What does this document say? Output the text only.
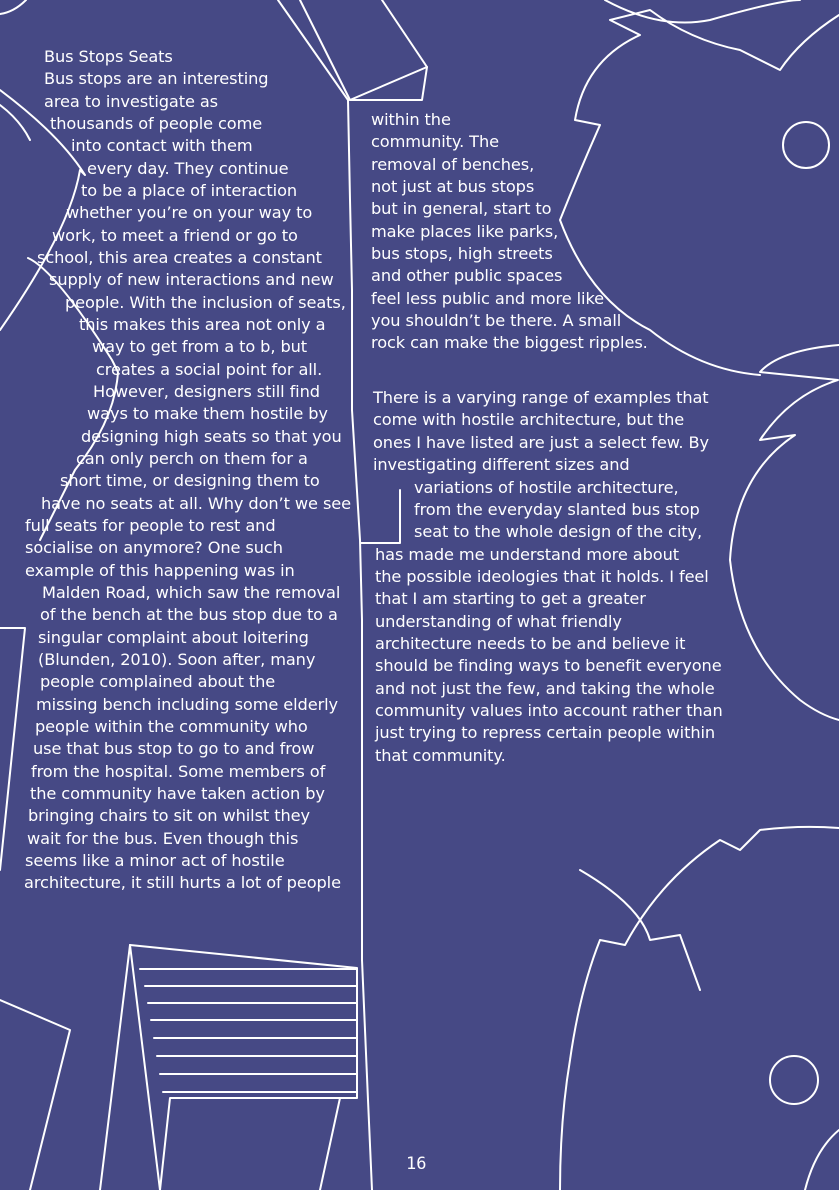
Bus Stops Seats
Bus stops are an interesting
area to investigate as
thousands of people come
into contact with them
every day. They continue
to be a place of interaction
whether you’re on your way to
work, to meet a friend or go to
school, this area creates a constant
supply of new interactions and new
people. With the inclusion of seats,
this makes this area not only a
way to get from a to b, but
creates a social point for all.
However, designers still find
ways to make them hostile by
designing high seats so that you
can only perch on them for a
short time, or designing them to
have no seats at all. Why don’t we see
full seats for people to rest and
socialise on anymore? One such
example of this happening was in
Malden Road, which saw the removal
of the bench at the bus stop due to a
singular complaint about loitering
(Blunden, 2010). Soon after, many
people complained about the
missing bench including some elderly
people within the community who
use that bus stop to go to and frow
from the hospital. Some members of
the community have taken action by
bringing chairs to sit on whilst they
wait for the bus. Even though this
seems like a minor act of hostile
architecture, it still hurts a lot of people
within the
community. The
removal of benches,
not just at bus stops
but in general, start to
make places like parks,
bus stops, high streets
and other public spaces
feel less public and more like
you shouldn’t be there. A small
rock can make the biggest ripples.
There is a varying range of examples that
come with hostile architecture, but the
ones I have listed are just a select few. By
investigating different sizes and
variations of hostile architecture,
from the everyday slanted bus stop
seat to the whole design of the city,
has made me understand more about
the possible ideologies that it holds. I feel
that I am starting to get a greater
understanding of what friendly
architecture needs to be and believe it
should be finding ways to benefit everyone
and not just the few, and taking the whole
community values into account rather than
just trying to repress certain people within
that community.
16
